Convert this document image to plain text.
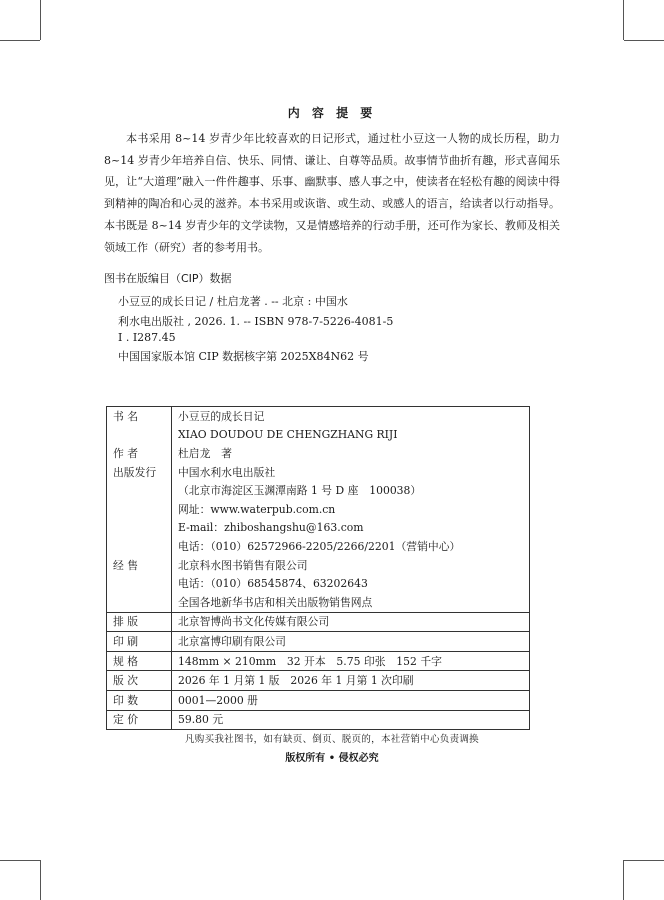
内 容 提 要
本书采用 8~14 岁青少年比较喜欢的日记形式，通过杜小豆这一人物的成长历程，助力 8~14 岁青少年培养自信、快乐、同情、谦让、自尊等品质。故事情节曲折有趣，形式喜闻乐见，让“大道理”融入一件件趣事、乐事、幽默事、感人事之中，使读者在轻松有趣的阅读中得到精神的陶冶和心灵的滋养。本书采用或诙谐、或生动、或感人的语言，给读者以行动指导。本书既是 8~14 岁青少年的文学读物，又是情感培养的行动手册，还可作为家长、教师及相关领域工作（研究）者的参考用书。
图书在版编目（CIP）数据
小豆豆的成长日记 / 杜启龙著 . -- 北京 : 中国水
利水电出版社 , 2026. 1. -- ISBN 978-7-5226-4081-5
Ⅰ . I287.45
中国国家版本馆 CIP 数据核字第 2025X84N62 号
书 名	小豆豆的成长日记
	XIAO DOUDOU DE CHENGZHANG RIJI

作 者	杜启龙　著

出版发行	中国水利水电出版社
	（北京市海淀区玉渊潭南路 1 号 D 座　100038）
	网址：www.waterpub.com.cn
	E-mail：zhiboshangshu@163.com
	电话：（010）62572966-2205/2266/2201（营销中心）

经 售	北京科水图书销售有限公司
	电话：（010）68545874、63202643
	全国各地新华书店和相关出版物销售网点

排 版	北京智博尚书文化传媒有限公司

印 刷	北京富博印刷有限公司

规 格	148mm × 210mm　32 开本　5.75 印张　152 千字

版 次	2026 年 1 月第 1 版　2026 年 1 月第 1 次印刷

印 数	0001—2000 册

定 价	59.80 元
凡购买我社图书，如有缺页、倒页、脱页的，本社营销中心负责调换
版权所有 • 侵权必究
